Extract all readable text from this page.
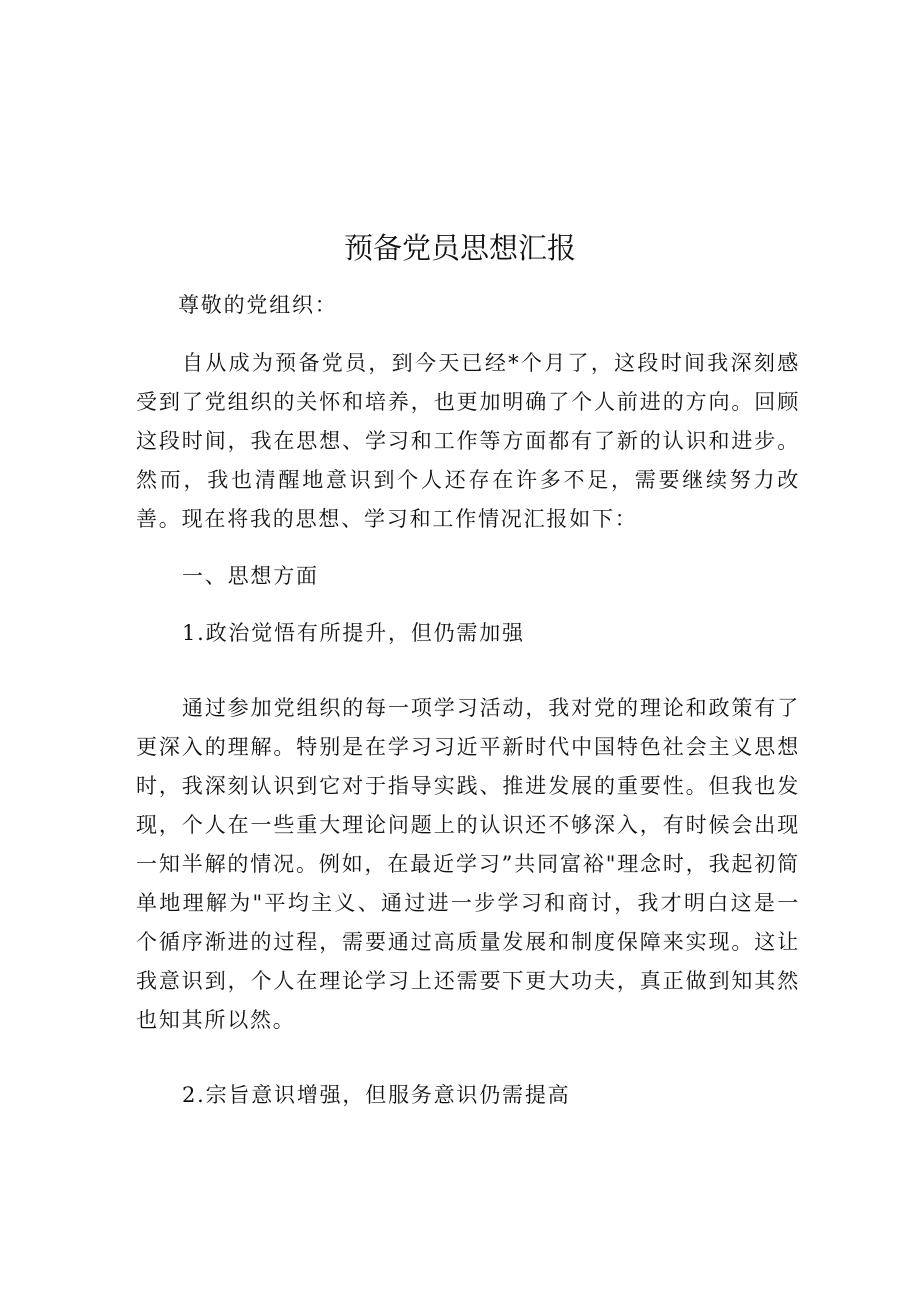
预备党员思想汇报

尊敬的党组织：

自从成为预备党员，到今天已经*个月了，这段时间我深刻感受到了党组织的关怀和培养，也更加明确了个人前进的方向。回顾这段时间，我在思想、学习和工作等方面都有了新的认识和进步。然而，我也清醒地意识到个人还存在许多不足，需要继续努力改善。现在将我的思想、学习和工作情况汇报如下：

一、思想方面

1.政治觉悟有所提升，但仍需加强

通过参加党组织的每一项学习活动，我对党的理论和政策有了更深入的理解。特别是在学习习近平新时代中国特色社会主义思想时，我深刻认识到它对于指导实践、推进发展的重要性。但我也发现，个人在一些重大理论问题上的认识还不够深入，有时候会出现一知半解的情况。例如，在最近学习”共同富裕"理念时，我起初简单地理解为"平均主义、通过进一步学习和商讨，我才明白这是一个循序渐进的过程，需要通过高质量发展和制度保障来实现。这让我意识到，个人在理论学习上还需要下更大功夫，真正做到知其然也知其所以然。

2.宗旨意识增强，但服务意识仍需提高
